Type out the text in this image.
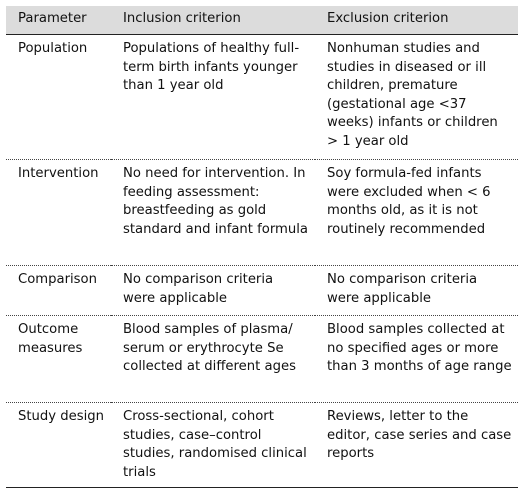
Parameter	Inclusion criterion	Exclusion criterion
Population	Populations of healthy full-term birth infants younger than 1 year old	Nonhuman studies and studies in diseased or ill children, premature (gestational age <37 weeks) infants or children > 1 year old
Intervention	No need for intervention. In feeding assessment: breastfeeding as gold standard and infant formula	Soy formula-fed infants were excluded when < 6 months old, as it is not routinely recommended
Comparison	No comparison criteria were applicable	No comparison criteria were applicable
Outcome measures	Blood samples of plasma/ serum or erythrocyte Se collected at different ages	Blood samples collected at no specified ages or more than 3 months of age range
Study design	Cross-sectional, cohort studies, case–control studies, randomised clinical trials	Reviews, letter to the editor, case series and case reports
